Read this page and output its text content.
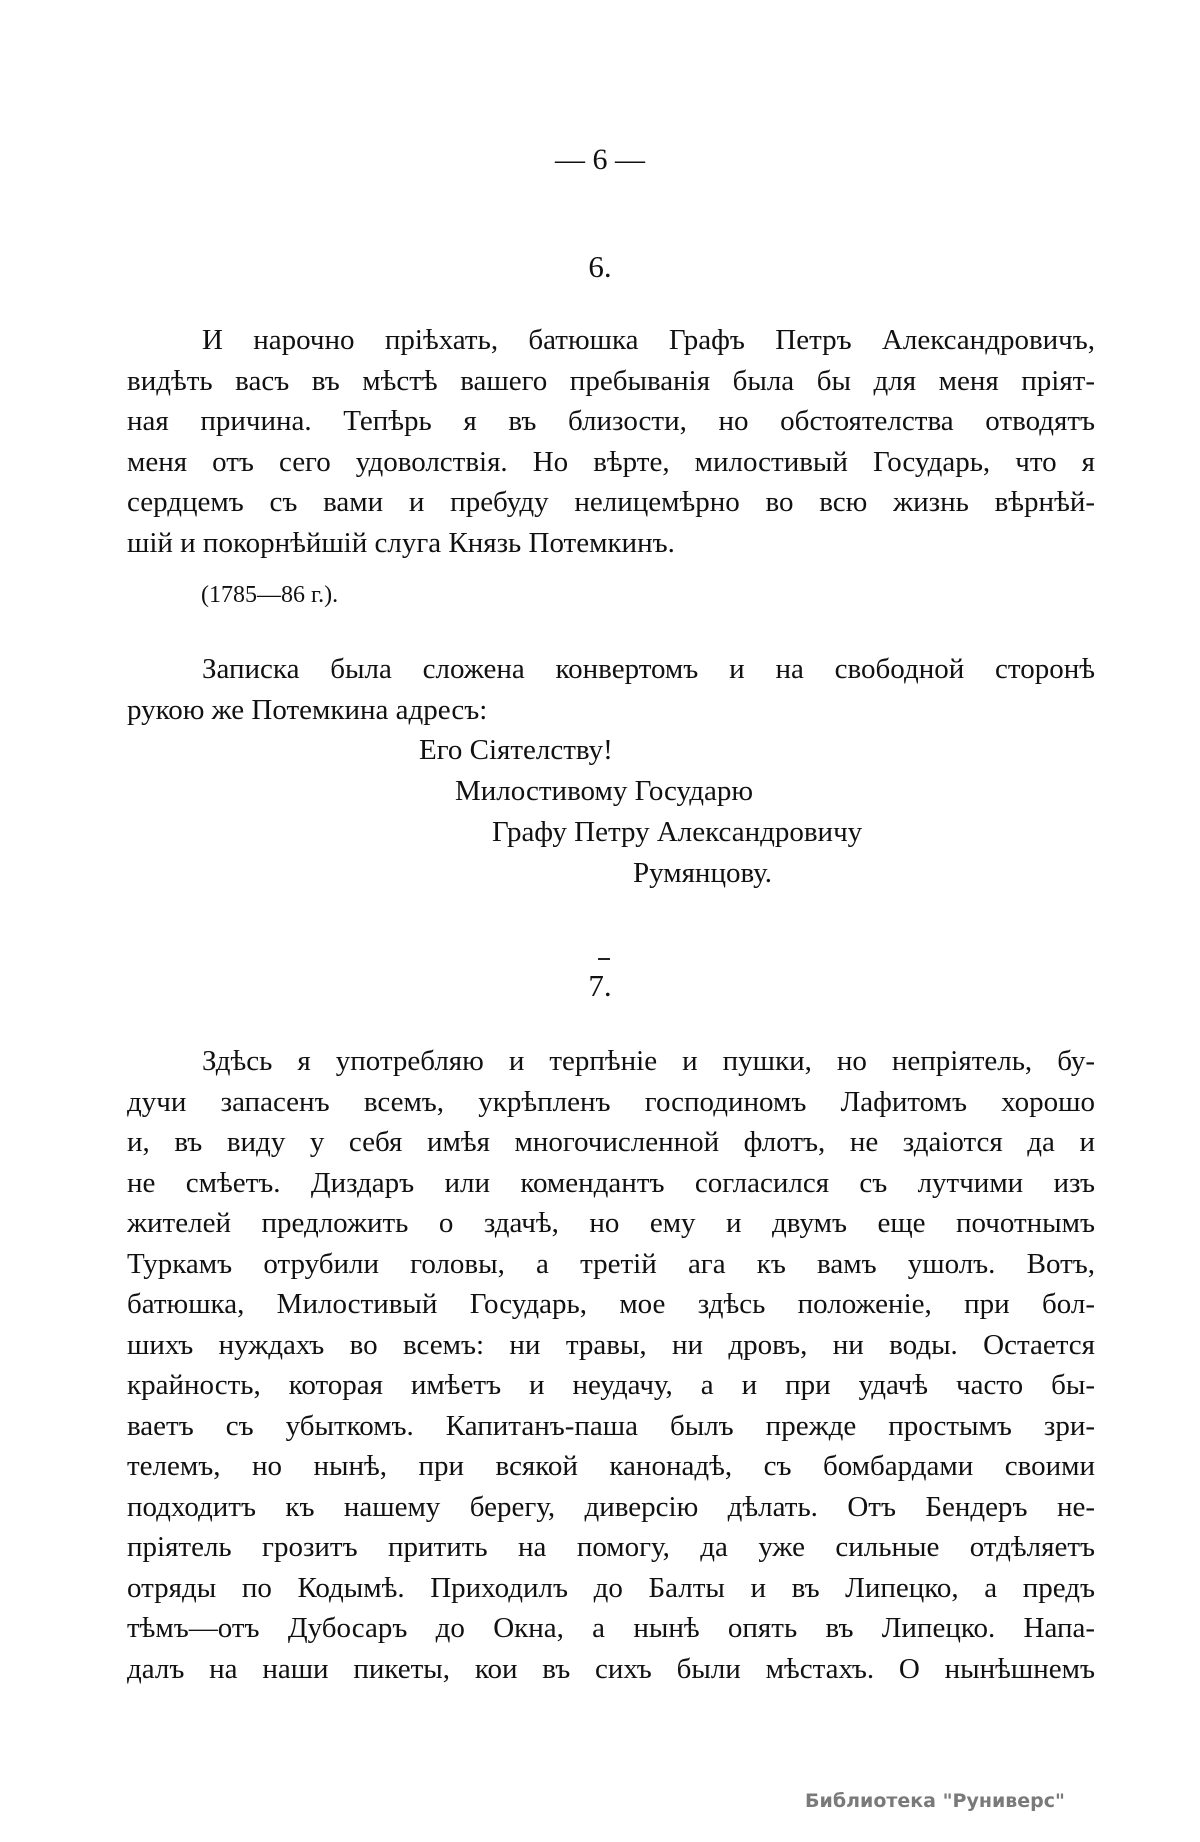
— 6 —
6.
И нарочно пріѣхать, батюшка Графъ Петръ Александровичъ,
видѣть васъ въ мѣстѣ вашего пребыванія была бы для меня пріят-
ная причина. Тепѣрь я въ близости, но обстоятелства отводятъ
меня отъ сего удоволствія. Но вѣрте, милостивый Государь, что я
сердцемъ съ вами и пребуду нелицемѣрно во всю жизнь вѣрнѣй-
шій и покорнѣйшій слуга Князь Потемкинъ.
(1785—86 г.).
Записка была сложена конвертомъ и на свободной сторонѣ
рукою же Потемкина адресъ:
Его Сіятелству!
Милостивому Государю
Графу Петру Александровичу
Румянцову.
7.
Здѣсь я употребляю и терпѣніе и пушки, но непріятель, бу-
дучи запасенъ всемъ, укрѣпленъ господиномъ Лафитомъ хорошо
и, въ виду у себя имѣя многочисленной флотъ, не здаіотся да и
не смѣетъ. Диздаръ или комендантъ согласился съ лутчими изъ
жителей предложить о здачѣ, но ему и двумъ еще почотнымъ
Туркамъ отрубили головы, а третій ага къ вамъ ушолъ. Вотъ,
батюшка, Милостивый Государь, мое здѣсь положеніе, при бол-
шихъ нуждахъ во всемъ: ни травы, ни дровъ, ни воды. Остается
крайность, которая имѣетъ и неудачу, а и при удачѣ часто бы-
ваетъ съ убыткомъ. Капитанъ-паша былъ прежде простымъ зри-
телемъ, но нынѣ, при всякой канонадѣ, съ бомбардами своими
подходитъ къ нашему берегу, диверсію дѣлать. Отъ Бендеръ не-
пріятель грозитъ притить на помогу, да уже сильные отдѣляетъ
отряды по Кодымѣ. Приходилъ до Балты и въ Липецко, а предъ
тѣмъ—отъ Дубосаръ до Окна, а нынѣ опять въ Липецко. Напа-
далъ на наши пикеты, кои въ сихъ были мѣстахъ. О нынѣшнемъ
Библиотека "Руниверс"
